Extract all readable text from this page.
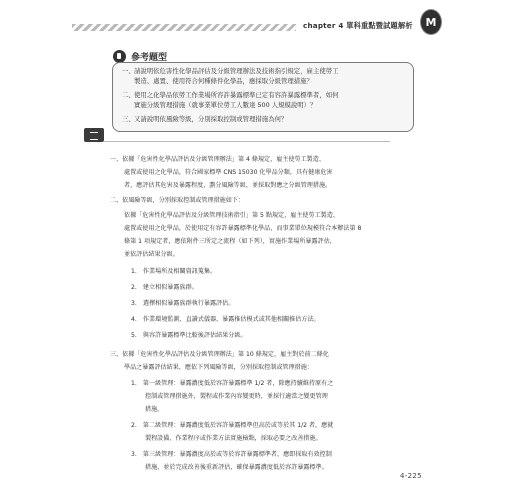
chapter 4 單科重點暨試題解析	M
參考題型
一、請說明依危害性化學品評估及分級管理辦法及技術指引規定，雇主使勞工
製造、處置、使用符合何種條件化學品，應採取分級管理措施？
二、使用之化學品依勞工作業場所容許暴露標準已定有容許暴露標準者，如何
實施分級管理措施（就事業單位勞工人數達 500 人規模說明）？
三、又請說明依風險等級，分別採取控制或管理措施為何？
一、依據「危害性化學品評估及分級管理辦法」第 4 條規定，雇主使勞工製造、
處置或使用之化學品，符合國家標準 CNS 15030 化學品分類，具有健康危害
者，應評估其危害及暴露程度，劃分風險等級，並採取對應之分級管理措施。
二、依風險等級，分別採取控制或管理措施如下：
依據「危害性化學品評估及分級管理技術指引」第 5 點規定，雇主使勞工製造、
處置或使用之化學品，於使用定有容許暴露標準化學品，而事業單位規模符合本辦法第 8
條第 1 項規定者，應依附件三所定之流程（如下列），實施作業場所暴露評估，
並依評估結果分級。
1.　作業場所及相關資訊蒐集。
2.　建立相似暴露族群。
3.　選擇相似暴露族群執行暴露評估。
4.　作業環境監測、直讀式儀器、暴露推估模式或其他相關推估方法。
5.　與容許暴露標準比較後評估結果分級。
三、依據「危害性化學品評估及分級管理辦法」第 10 條規定，雇主對於前二條化
學品之暴露評估結果，應依下列風險等級，分別採取控制或管理措施：
1.　第一級管理：暴露濃度低於容許暴露標準 1/2 者，除應持續維持原有之
控制或管理措施外，製程或作業內容變更時，並採行適當之變更管理
措施。
2.　第二級管理：暴露濃度低於容許暴露標準但高於或等於其 1/2 者，應就
製程設備、作業程序或作業方法實施檢點，採取必要之改善措施。
3.　第三級管理：暴露濃度高於或等於容許暴露標準者，應即採取有效控制
措施，並於完成改善後重新評估，確保暴露濃度低於容許暴露標準。
4-225
